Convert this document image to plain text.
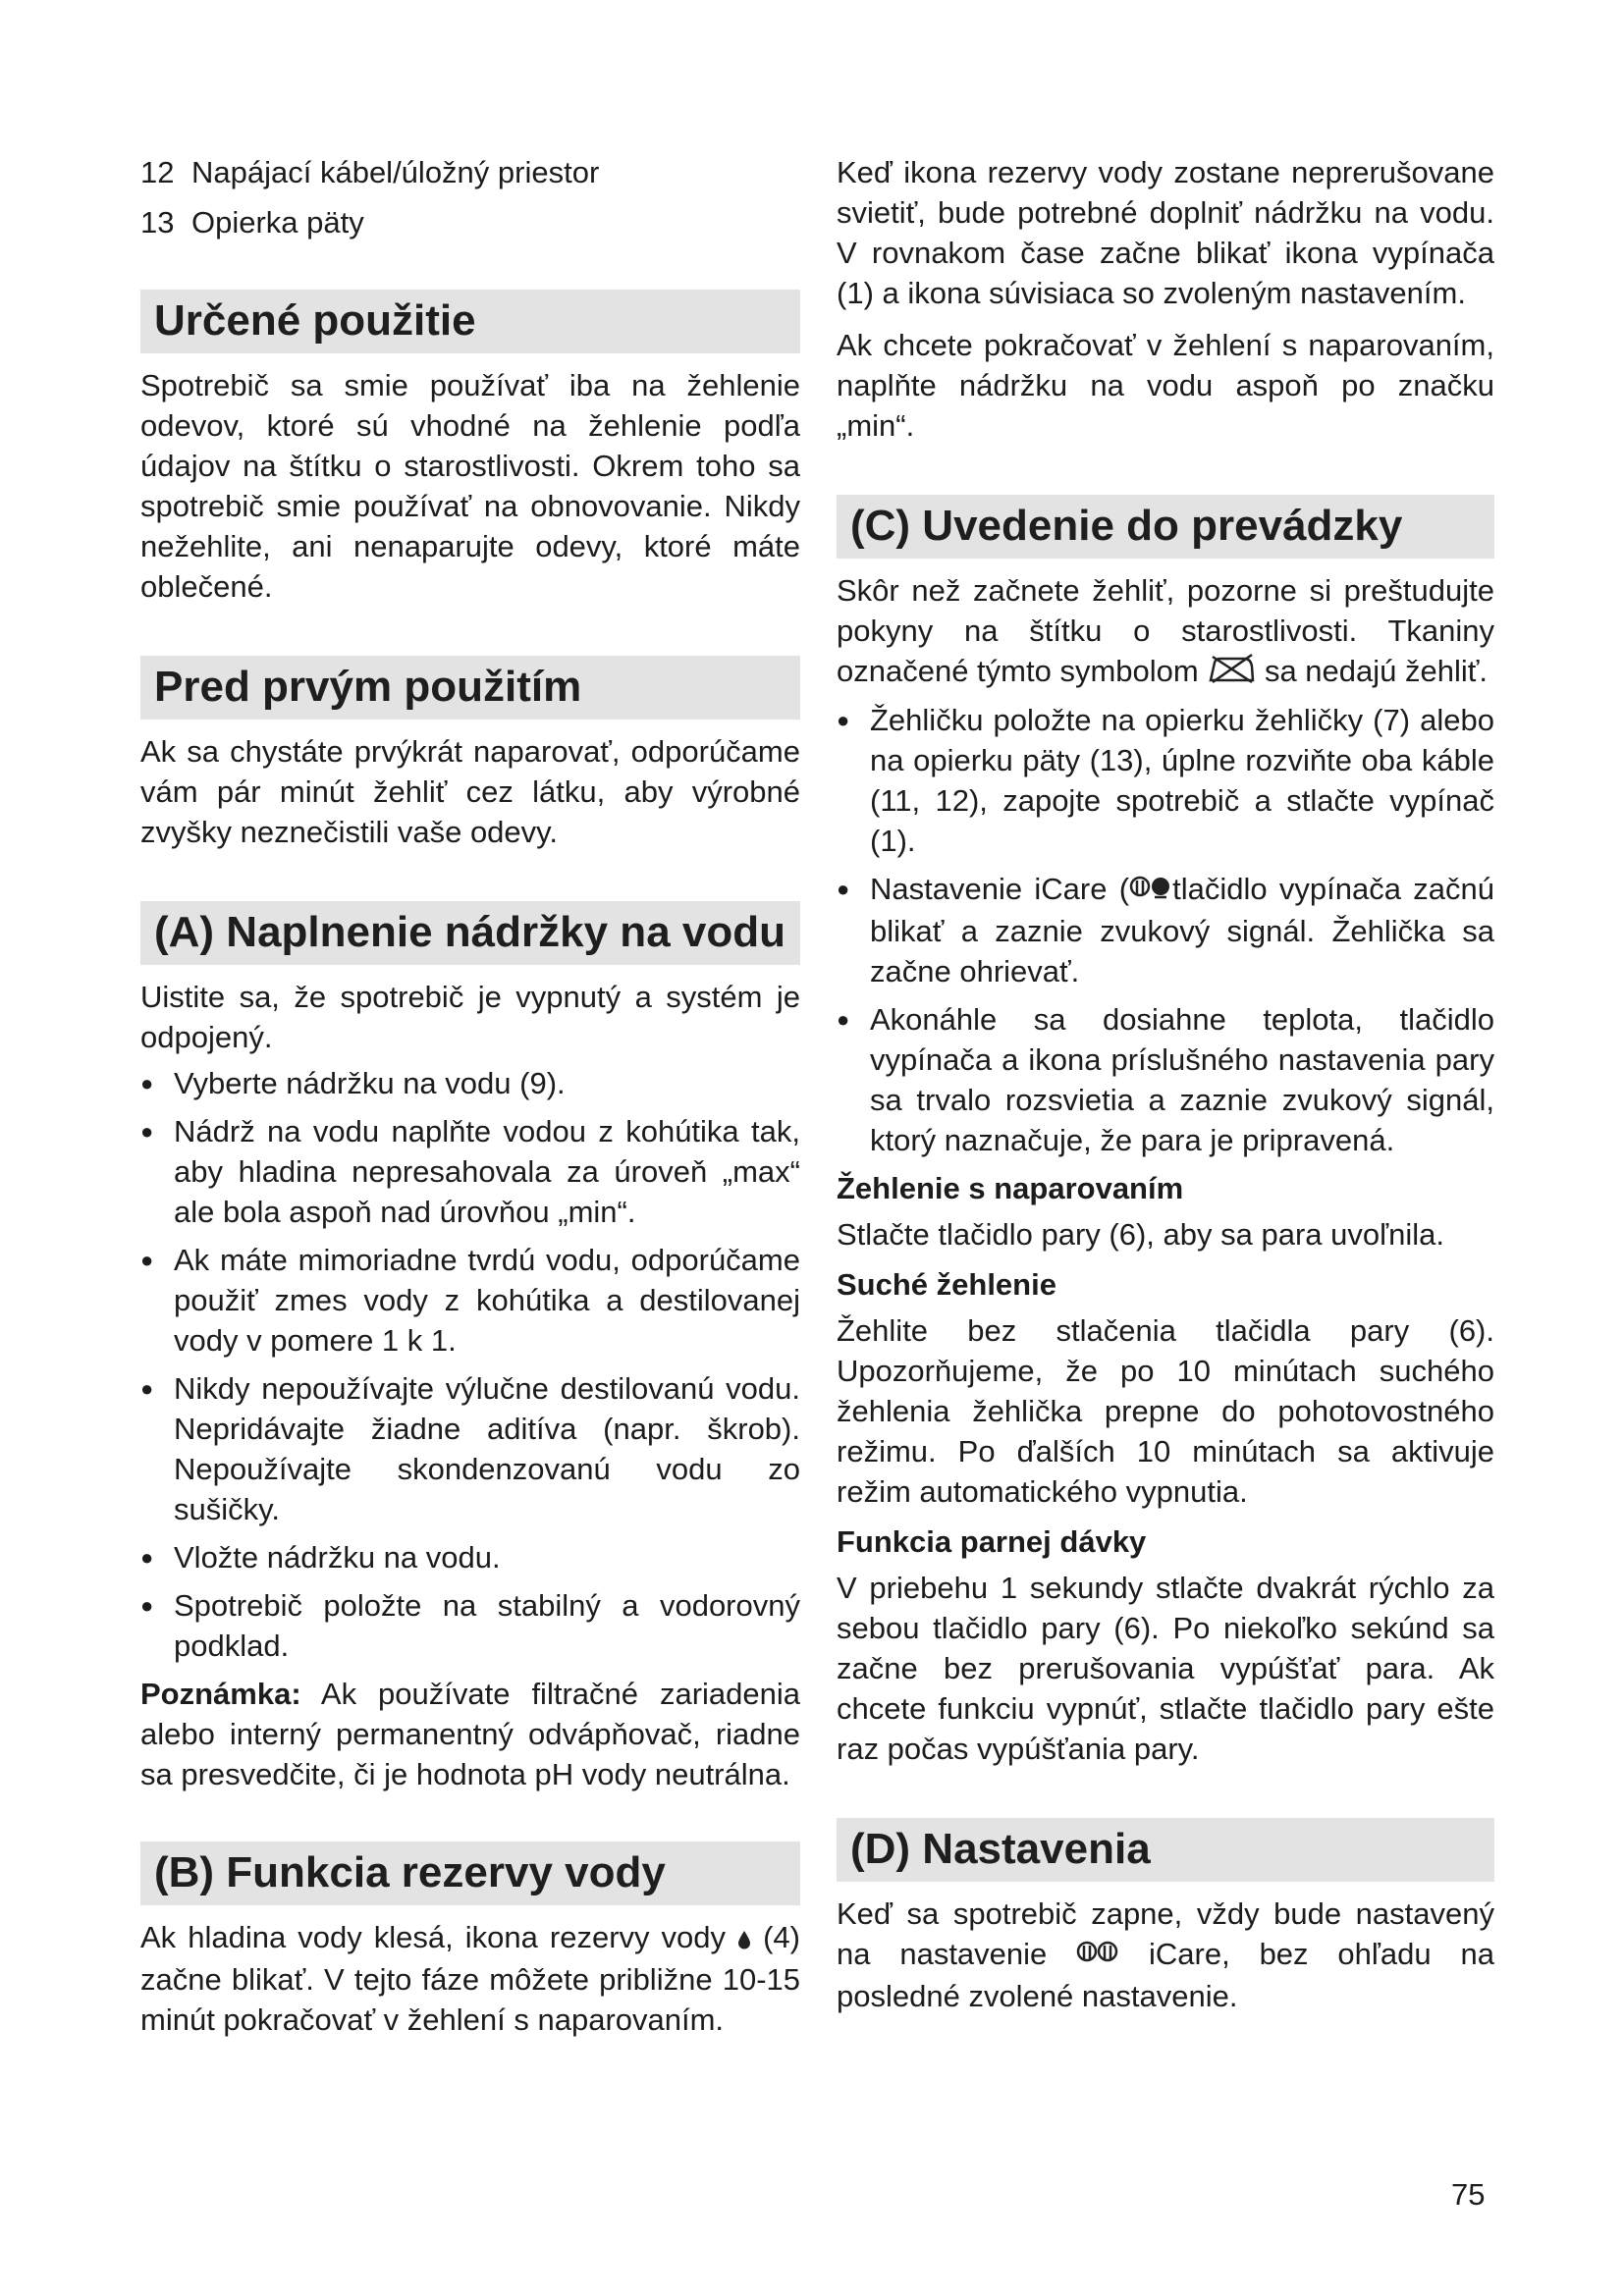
12 Napájací kábel/úložný priestor
13 Opierka päty
Určené použitie

Spotrebič sa smie používať iba na žehlenie odevov, ktoré sú vhodné na žehlenie podľa údajov na štítku o starostlivosti. Okrem toho sa spotrebič smie používať na obnovovanie. Nikdy nežehlite, ani nenaparujte odevy, ktoré máte oblečené.

Pred prvým použitím

Ak sa chystáte prvýkrát naparovať, odporúčame vám pár minút žehliť cez látku, aby výrobné zvyšky neznečistili vaše odevy.

(A) Naplnenie nádržky na vodu

Uistite sa, že spotrebič je vypnutý a systém je odpojený.

● Vyberte nádržku na vodu (9).
● Nádrž na vodu naplňte vodou z kohútika tak, aby hladina nepresahovala za úroveň „max“ ale bola aspoň nad úrovňou „min“.
● Ak máte mimoriadne tvrdú vodu, odporúčame použiť zmes vody z kohútika a destilovanej vody v pomere 1 k 1.
● Nikdy nepoužívajte výlučne destilovanú vodu. Nepridávajte žiadne aditíva (napr. škrob). Nepoužívajte skondenzovanú vodu zo sušičky.
● Vložte nádržku na vodu.
● Spotrebič položte na stabilný a vodorovný podklad.

Poznámka: Ak používate filtračné zariadenia alebo interný permanentný odvápňovač, riadne sa presvedčite, či je hodnota pH vody neutrálna.

(B) Funkcia rezervy vody

Ak hladina vody klesá, ikona rezervy vody  (4) začne blikať. V tejto fáze môžete približne 10-15 minút pokračovať v žehlení s naparovaním.

Keď ikona rezervy vody zostane neprerušovane svietiť, bude potrebné doplniť nádržku na vodu. V rovnakom čase začne blikať ikona vypínača (1) a ikona súvisiaca so zvoleným nastavením.

Ak chcete pokračovať v žehlení s naparovaním, naplňte nádržku na vodu aspoň po značku „min“.

(C) Uvedenie do prevádzky

Skôr než začnete žehliť, pozorne si preštudujte pokyny na štítku o starostlivosti. Tkaniny označené týmto symbolom  sa nedajú žehliť.

● Žehličku položte na opierku žehličky (7) alebo na opierku päty (13), úplne rozviňte oba káble (11, 12), zapojte spotrebič a stlačte vypínač (1).
● Nastavenie iCare ( tlačidlo vypínača začnú blikať a zaznie zvukový signál. Žehlička sa začne ohrievať.
● Akonáhle sa dosiahne teplota, tlačidlo vypínača a ikona príslušného nastavenia pary sa trvalo rozsvietia a zaznie zvukový signál, ktorý naznačuje, že para je pripravená.
Žehlenie s naparovaním

Stlačte tlačidlo pary (6), aby sa para uvoľnila.

Suché žehlenie

Žehlite bez stlačenia tlačidla pary (6). Upozorňujeme, že po 10 minútach suchého žehlenia žehlička prepne do pohotovostného režimu. Po ďalších 10 minútach sa aktivuje režim automatického vypnutia.

Funkcia parnej dávky

V priebehu 1 sekundy stlačte dvakrát rýchlo za sebou tlačidlo pary (6). Po niekoľko sekúnd sa začne bez prerušovania vypúšťať para. Ak chcete funkciu vypnúť, stlačte tlačidlo pary ešte raz počas vypúšťania pary.

(D) Nastavenia

Keď sa spotrebič zapne, vždy bude nastavený na nastavenie  iCare, bez ohľadu na posledné zvolené nastavenie.

75
